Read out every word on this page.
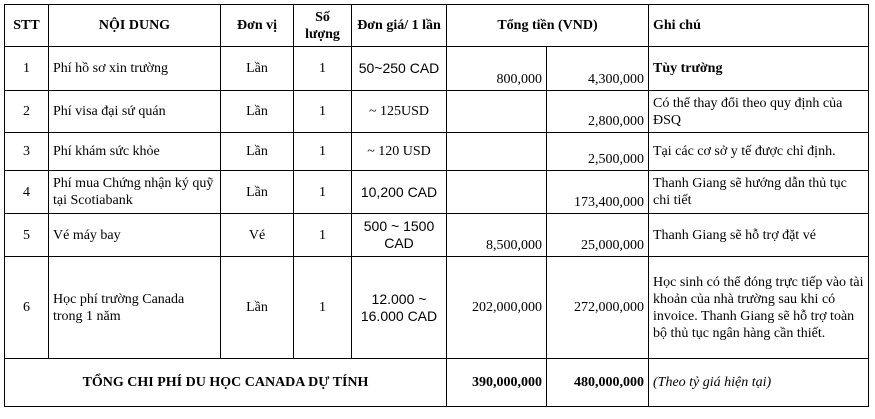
STT	NỘI DUNG	Đơn vị	Số lượng	Đơn giá/ 1 lần	Tổng tiền (VND)		Ghi chú
1	Phí hồ sơ xin trường	Lần	1	50~250 CAD	800,000	4,300,000	Tùy trường
2	Phí visa đại sứ quán	Lần	1	~ 125USD		2,800,000	Có thể thay đổi theo quy định của ĐSQ
3	Phí khám sức khỏe	Lần	1	~ 120 USD		2,500,000	Tại các cơ sở y tế được chỉ định.
4	Phí mua Chứng nhận ký quỹ tại Scotiabank	Lần	1	10,200 CAD		173,400,000	Thanh Giang sẽ hướng dẫn thủ tục chi tiết
5	Vé máy bay	Vé	1	500 ~ 1500 CAD	8,500,000	25,000,000	Thanh Giang sẽ hỗ trợ đặt vé
6	Học phí trường Canada trong 1 năm	Lần	1	12.000 ~ 16.000 CAD	202,000,000	272,000,000	Học sinh có thể đóng trực tiếp vào tài khoản của nhà trường sau khi có invoice. Thanh Giang sẽ hỗ trợ toàn bộ thủ tục ngân hàng cần thiết.
TỔNG CHI PHÍ DU HỌC CANADA DỰ TÍNH					390,000,000	480,000,000	(Theo tỷ giá hiện tại)
